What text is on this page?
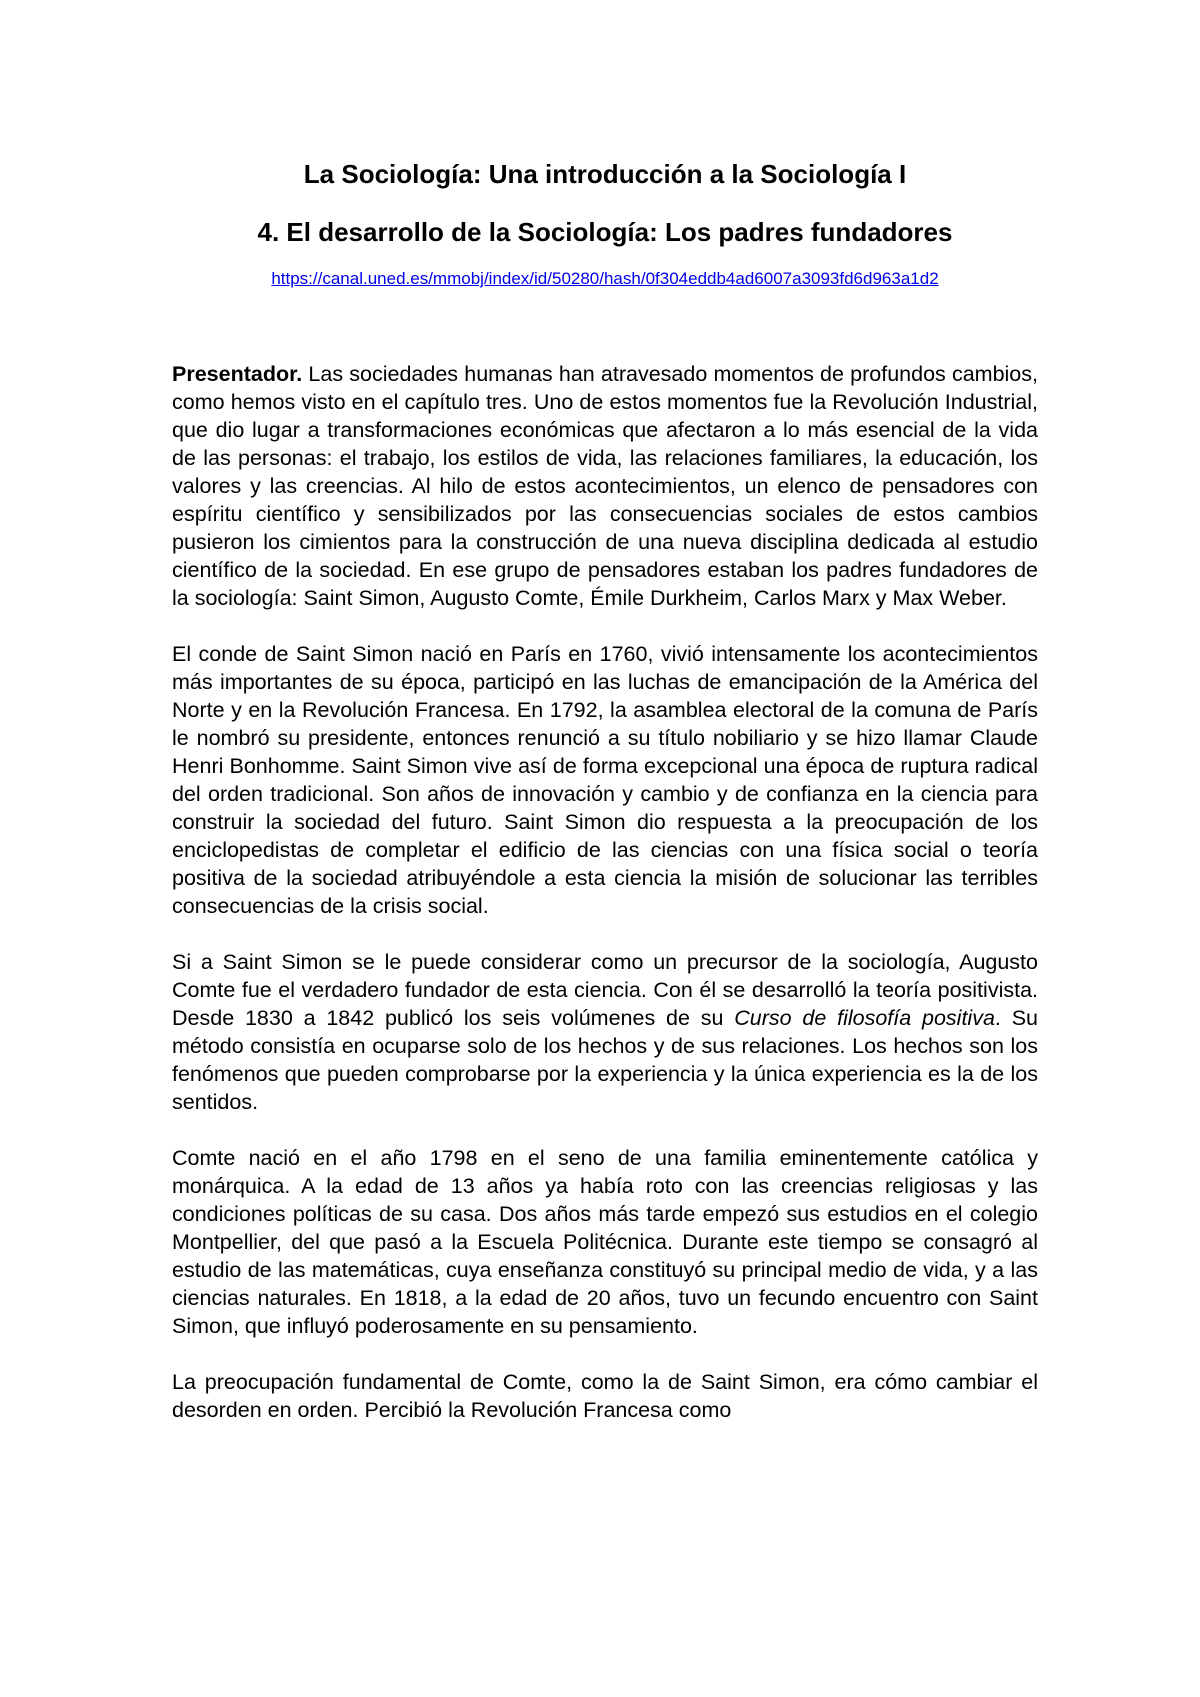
La Sociología: Una introducción a la Sociología I
4. El desarrollo de la Sociología: Los padres fundadores
https://canal.uned.es/mmobj/index/id/50280/hash/0f304eddb4ad6007a3093fd6d963a1d2

Presentador. Las sociedades humanas han atravesado momentos de profundos cambios, como hemos visto en el capítulo tres. Uno de estos momentos fue la Revolución Industrial, que dio lugar a transformaciones económicas que afectaron a lo más esencial de la vida de las personas: el trabajo, los estilos de vida, las relaciones familiares, la educación, los valores y las creencias. Al hilo de estos acontecimientos, un elenco de pensadores con espíritu científico y sensibilizados por las consecuencias sociales de estos cambios pusieron los cimientos para la construcción de una nueva disciplina dedicada al estudio científico de la sociedad. En ese grupo de pensadores estaban los padres fundadores de la sociología: Saint Simon, Augusto Comte, Émile Durkheim, Carlos Marx y Max Weber.

El conde de Saint Simon nació en París en 1760, vivió intensamente los acontecimientos más importantes de su época, participó en las luchas de emancipación de la América del Norte y en la Revolución Francesa. En 1792, la asamblea electoral de la comuna de París le nombró su presidente, entonces renunció a su título nobiliario y se hizo llamar Claude Henri Bonhomme. Saint Simon vive así de forma excepcional una época de ruptura radical del orden tradicional. Son años de innovación y cambio y de confianza en la ciencia para construir la sociedad del futuro. Saint Simon dio respuesta a la preocupación de los enciclopedistas de completar el edificio de las ciencias con una física social o teoría positiva de la sociedad atribuyéndole a esta ciencia la misión de solucionar las terribles consecuencias de la crisis social.

Si a Saint Simon se le puede considerar como un precursor de la sociología, Augusto Comte fue el verdadero fundador de esta ciencia. Con él se desarrolló la teoría positivista. Desde 1830 a 1842 publicó los seis volúmenes de su Curso de filosofía positiva. Su método consistía en ocuparse solo de los hechos y de sus relaciones. Los hechos son los fenómenos que pueden comprobarse por la experiencia y la única experiencia es la de los sentidos.

Comte nació en el año 1798 en el seno de una familia eminentemente católica y monárquica. A la edad de 13 años ya había roto con las creencias religiosas y las condiciones políticas de su casa. Dos años más tarde empezó sus estudios en el colegio Montpellier, del que pasó a la Escuela Politécnica. Durante este tiempo se consagró al estudio de las matemáticas, cuya enseñanza constituyó su principal medio de vida, y a las ciencias naturales. En 1818, a la edad de 20 años, tuvo un fecundo encuentro con Saint Simon, que influyó poderosamente en su pensamiento.

La preocupación fundamental de Comte, como la de Saint Simon, era cómo cambiar el desorden en orden. Percibió la Revolución Francesa como
